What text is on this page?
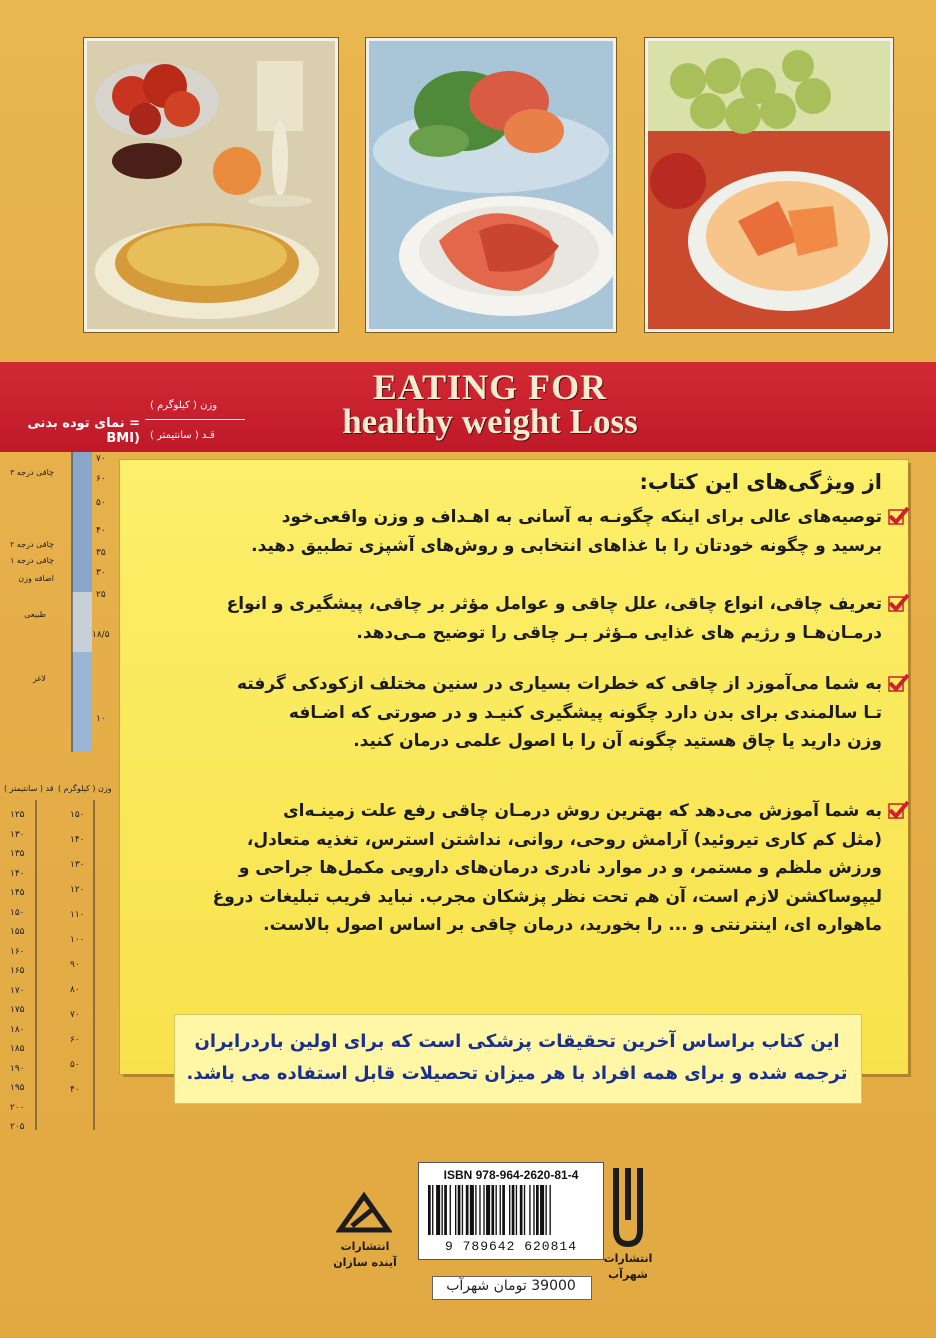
EATING FOR
healthy weight Loss
وزن ( کیلوگرم )
قـد ( سانتیمتر )
= نمای توده بدنی (BMI
۷۰
۶۰
۵۰
۴۰
۳۵
۳۰
۲۵
۱۸/۵
۱۰
چاقی درجه ۳
چاقی درجه ۲
چاقی درجه ۱
اضافه وزن
طبیعی
لاغر
قد ( سانتیمتر ) وزن ( کیلوگرم )
۱۲۵
۱۳۰
۱۳۵
۱۴۰
۱۴۵
۱۵۰
۱۵۵
۱۶۰
۱۶۵
۱۷۰
۱۷۵
۱۸۰
۱۸۵
۱۹۰
۱۹۵
۲۰۰
۲۰۵
۱۵۰
۱۴۰
۱۳۰
۱۲۰
۱۱۰
۱۰۰
۹۰
۸۰
۷۰
۶۰
۵۰
۴۰
از ویژگی‌های این کتاب:
توصیه‌های عالی برای اینکه چگونـه به آسانی به اهـداف و وزن واقعی‌خود
برسید و چگونه خودتان را با غذاهای انتخابی و روش‌های آشپزی تطبیق دهید.
تعریف چاقی، انواع چاقی، علل چاقی و عوامل مؤثر بر چاقی، پیشگیری و انواع
درمـان‌هـا و رژیم های غذایی مـؤثر بـر چاقی را توضیح مـی‌دهد.
به شما می‌آموزد از چاقی که خطرات بسیاری در سنین مختلف ازکودکی گرفته
تـا سالمندی برای بدن دارد چگونه پیشگیری کنیـد و در صورتی که اضـافه
وزن دارید یا چاق هستید چگونه آن را با اصول علمی درمان کنید.
به شما آموزش می‌دهد که بهترین روش درمـان چاقی رفع علت زمینـه‌ای
(مثل کم کاری تیروئید) آرامش روحی، روانی، نداشتن استرس، تغذیه متعادل،
ورزش ملظم و مستمر، و در موارد نادری درمان‌های دارویی مکمل‌ها جراحی و
لیپوساکشن لازم است، آن هم تحت نظر پزشکان مجرب. نباید فریب تبلیغات دروغ
ماهواره ای، اینترنتی و ... را بخورید، درمان چاقی بر اساس اصول بالاست.
این کتاب براساس آخرین تحقیقات پزشکی است که برای اولین باردرایران
ترجمه شده و برای همه افراد با هر میزان تحصیلات قابل استفاده می باشد.
ISBN 978-964-2620-81-4
9 789642 620814
39000 تومان شهرآب
انتشارات
آینده سازان	انتشارات
شهرآب
